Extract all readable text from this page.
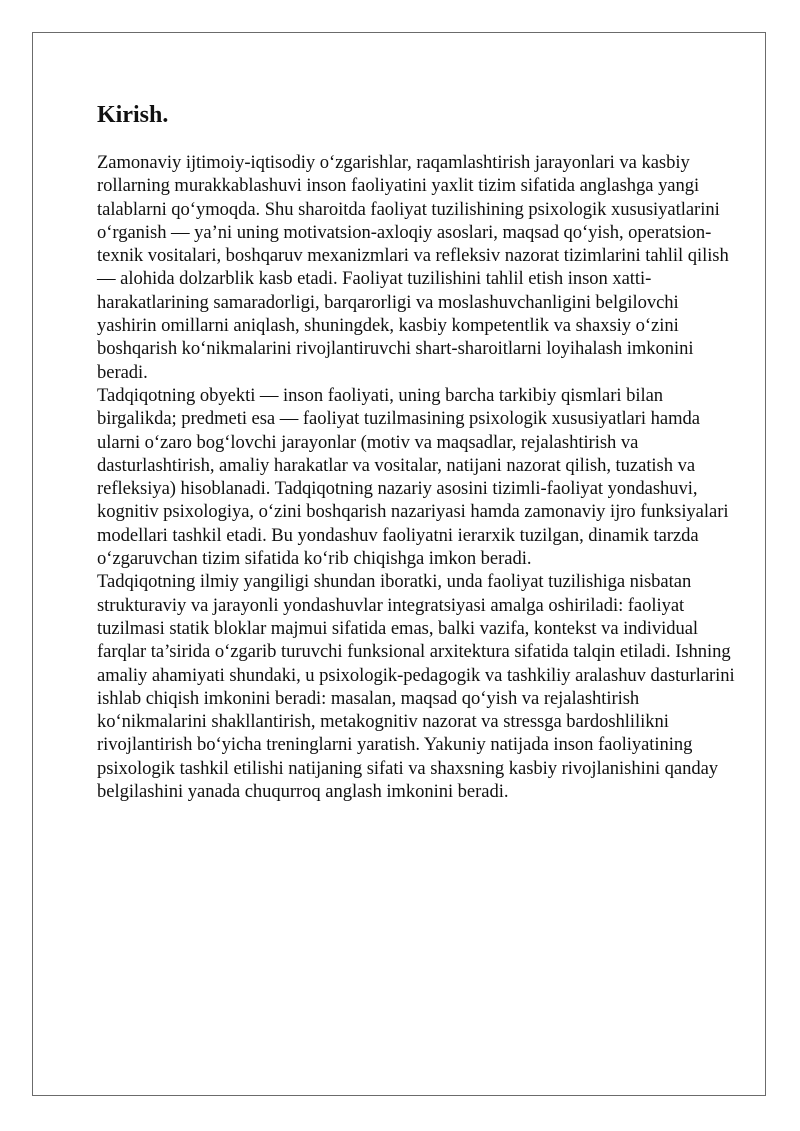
Kirish.

Zamonaviy ijtimoiy-iqtisodiy o‘zgarishlar, raqamlashtirish jarayonlari va kasbiy rollarning murakkablashuvi inson faoliyatini yaxlit tizim sifatida anglashga yangi talablarni qo‘ymoqda. Shu sharoitda faoliyat tuzilishining psixologik xususiyatlarini o‘rganish — ya’ni uning motivatsion-axloqiy asoslari, maqsad qo‘yish, operatsion-texnik vositalari, boshqaruv mexanizmlari va refleksiv nazorat tizimlarini tahlil qilish — alohida dolzarblik kasb etadi. Faoliyat tuzilishini tahlil etish inson xatti-harakatlarining samaradorligi, barqarorligi va moslashuvchanligini belgilovchi yashirin omillarni aniqlash, shuningdek, kasbiy kompetentlik va shaxsiy o‘zini boshqarish ko‘nikmalarini rivojlantiruvchi shart-sharoitlarni loyihalash imkonini beradi.

Tadqiqotning obyekti — inson faoliyati, uning barcha tarkibiy qismlari bilan birgalikda; predmeti esa — faoliyat tuzilmasining psixologik xususiyatlari hamda ularni o‘zaro bog‘lovchi jarayonlar (motiv va maqsadlar, rejalashtirish va dasturlashtirish, amaliy harakatlar va vositalar, natijani nazorat qilish, tuzatish va refleksiya) hisoblanadi. Tadqiqotning nazariy asosini tizimli-faoliyat yondashuvi, kognitiv psixologiya, o‘zini boshqarish nazariyasi hamda zamonaviy ijro funksiyalari modellari tashkil etadi. Bu yondashuv faoliyatni ierarxik tuzilgan, dinamik tarzda o‘zgaruvchan tizim sifatida ko‘rib chiqishga imkon beradi.

Tadqiqotning ilmiy yangiligi shundan iboratki, unda faoliyat tuzilishiga nisbatan strukturaviy va jarayonli yondashuvlar integratsiyasi amalga oshiriladi: faoliyat tuzilmasi statik bloklar majmui sifatida emas, balki vazifa, kontekst va individual farqlar ta’sirida o‘zgarib turuvchi funksional arxitektura sifatida talqin etiladi. Ishning amaliy ahamiyati shundaki, u psixologik-pedagogik va tashkiliy aralashuv dasturlarini ishlab chiqish imkonini beradi: masalan, maqsad qo‘yish va rejalashtirish ko‘nikmalarini shakllantirish, metakognitiv nazorat va stressga bardoshlilikni rivojlantirish bo‘yicha treninglarni yaratish. Yakuniy natijada inson faoliyatining psixologik tashkil etilishi natijaning sifati va shaxsning kasbiy rivojlanishini qanday belgilashini yanada chuqurroq anglash imkonini beradi.
